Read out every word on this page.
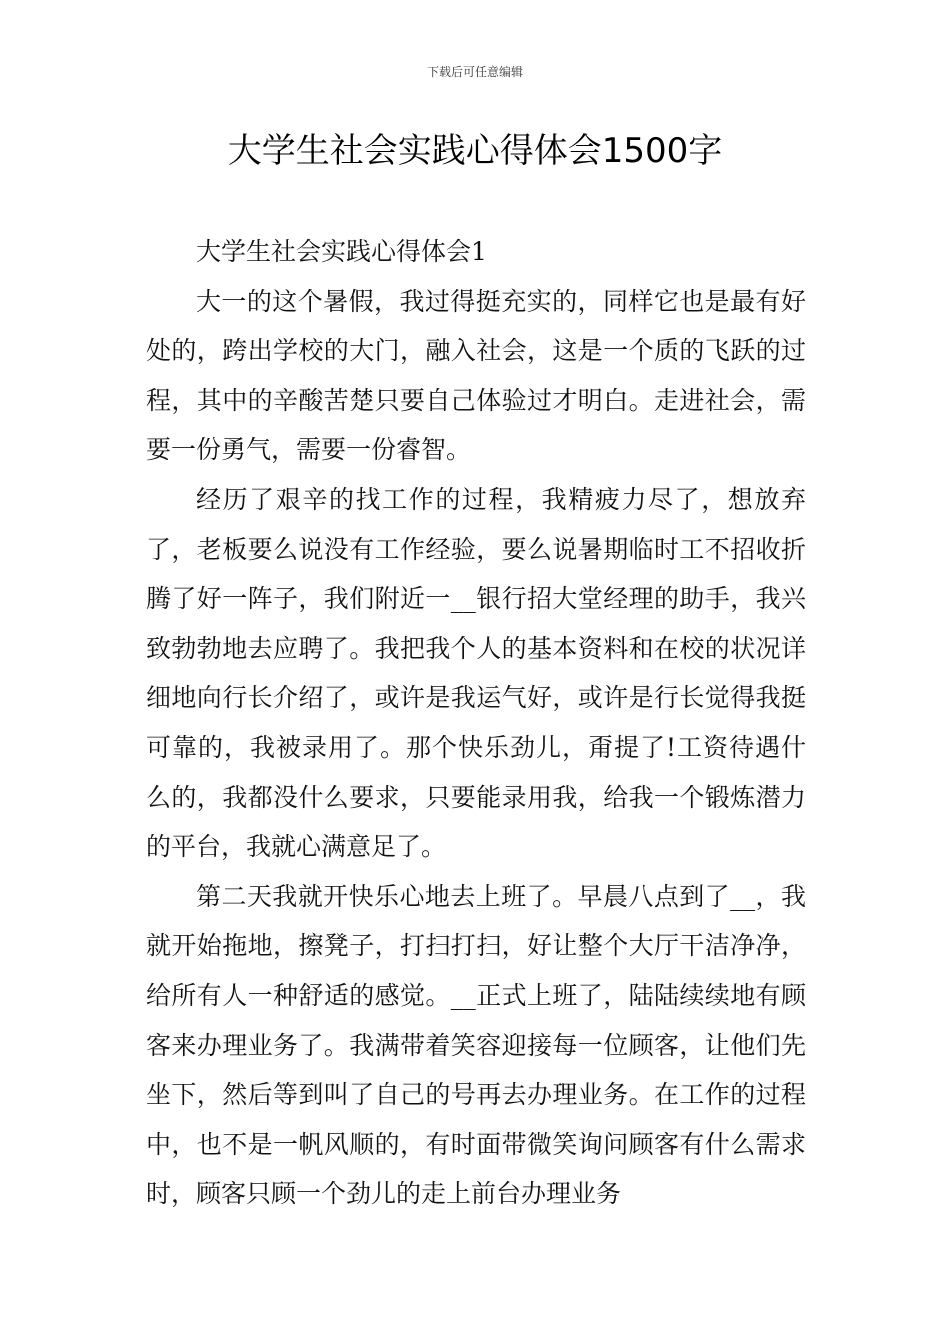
下载后可任意编辑
大学生社会实践心得体会1500字

大学生社会实践心得体会1

大一的这个暑假，我过得挺充实的，同样它也是最有好处的，跨出学校的大门，融入社会，这是一个质的飞跃的过程，其中的辛酸苦楚只要自己体验过才明白。走进社会，需要一份勇气，需要一份睿智。

经历了艰辛的找工作的过程，我精疲力尽了，想放弃了，老板要么说没有工作经验，要么说暑期临时工不招收折腾了好一阵子，我们附近一__银行招大堂经理的助手，我兴致勃勃地去应聘了。我把我个人的基本资料和在校的状况详细地向行长介绍了，或许是我运气好，或许是行长觉得我挺可靠的，我被录用了。那个快乐劲儿，甭提了!工资待遇什么的，我都没什么要求，只要能录用我，给我一个锻炼潜力的平台，我就心满意足了。

第二天我就开快乐心地去上班了。早晨八点到了__，我就开始拖地，擦凳子，打扫打扫，好让整个大厅干洁净净，给所有人一种舒适的感觉。__正式上班了，陆陆续续地有顾客来办理业务了。我满带着笑容迎接每一位顾客，让他们先坐下，然后等到叫了自己的号再去办理业务。在工作的过程中，也不是一帆风顺的，有时面带微笑询问顾客有什么需求时，顾客只顾一个劲儿的走上前台办理业务
